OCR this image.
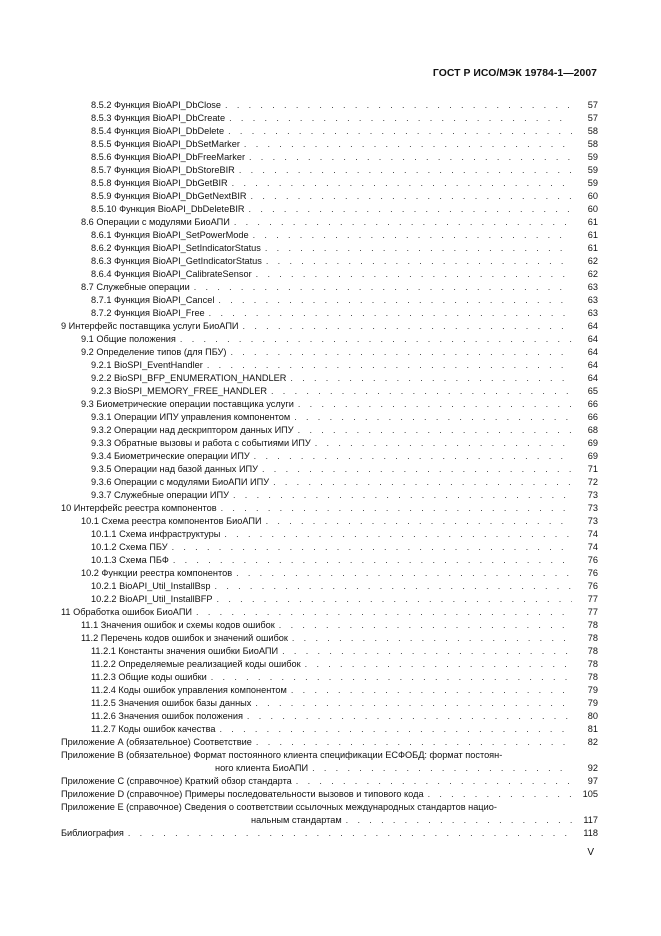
ГОСТ Р ИСО/МЭК 19784-1—2007
8.5.2 Функция BioAPI_DbClose . . .	57
8.5.3 Функция BioAPI_DbCreate . . .	57
8.5.4 Функция BioAPI_DbDelete . . .	58
8.5.5 Функция BioAPI_DbSetMarker . . .	58
8.5.6 Функция BioAPI_DbFreeMarker . . .	59
8.5.7 Функция BioAPI_DbStoreBIR . . .	59
8.5.8 Функция BioAPI_DbGetBIR . . .	59
8.5.9 Функция BioAPI_DbGetNextBIR . . .	60
8.5.10 Функция BioAPI_DbDeleteBIR . . .	60
8.6 Операции с модулями БиоАПИ . . .	61
8.6.1 Функция BioAPI_SetPowerMode . . .	61
8.6.2 Функция BioAPI_SetIndicatorStatus . . .	61
8.6.3 Функция BioAPI_GetIndicatorStatus . . .	62
8.6.4 Функция BioAPI_CalibrateSensor . . .	62
8.7 Служебные операции . . .	63
8.7.1 Функция BioAPI_Cancel . . .	63
8.7.2 Функция BioAPI_Free . . .	63
9 Интерфейс поставщика услуги БиоАПИ . . .	64
9.1 Общие положения . . .	64
9.2 Определение типов (для ПБУ) . . .	64
9.2.1 BioSPI_EventHandler . . .	64
9.2.2 BioSPI_BFP_ENUMERATION_HANDLER . . .	64
9.2.3 BioSPI_MEMORY_FREE_HANDLER . . .	65
9.3 Биометрические операции поставщика услуги . . .	66
9.3.1 Операции ИПУ управления компонентом . . .	66
9.3.2 Операции над дескриптором данных ИПУ . . .	68
9.3.3 Обратные вызовы и работа с событиями ИПУ . . .	69
9.3.4 Биометрические операции ИПУ . . .	69
9.3.5 Операции над базой данных ИПУ . . .	71
9.3.6 Операции с модулями БиоАПИ ИПУ . . .	72
9.3.7 Служебные операции ИПУ . . .	73
10 Интерфейс реестра компонентов . . .	73
10.1 Схема реестра компонентов БиоАПИ . . .	73
10.1.1 Схема инфраструктуры . . .	74
10.1.2 Схема ПБУ . . .	74
10.1.3 Схема ПБФ . . .	76
10.2 Функции реестра компонентов . . .	76
10.2.1 BioAPI_Util_InstallBsp . . .	76
10.2.2 BioAPI_Util_InstallBFP . . .	77
11 Обработка ошибок БиоАПИ . . .	77
11.1 Значения ошибок и схемы кодов ошибок . . .	78
11.2 Перечень кодов ошибок и значений ошибок . . .	78
11.2.1 Константы значения ошибки БиоАПИ . . .	78
11.2.2 Определяемые реализацией коды ошибок . . .	78
11.2.3 Общие коды ошибки . . .	78
11.2.4 Коды ошибок управления компонентом . . .	79
11.2.5 Значения ошибок базы данных . . .	79
11.2.6 Значения ошибок положения . . .	80
11.2.7 Коды ошибок качества . . .	81
Приложение А (обязательное) Соответствие . . .	82
Приложение В (обязательное) Формат постоянного клиента спецификации ЕСФОБД: формат постоян-
ного клиента БиоАПИ . . .	92
Приложение С (справочное) Краткий обзор стандарта . . .	97
Приложение D (справочное) Примеры последовательности вызовов и типового кода . . .	105
Приложение Е (справочное) Сведения о соответствии ссылочных международных стандартов нацио-
нальным стандартам . . .	117
Библиография . . .	118
V
